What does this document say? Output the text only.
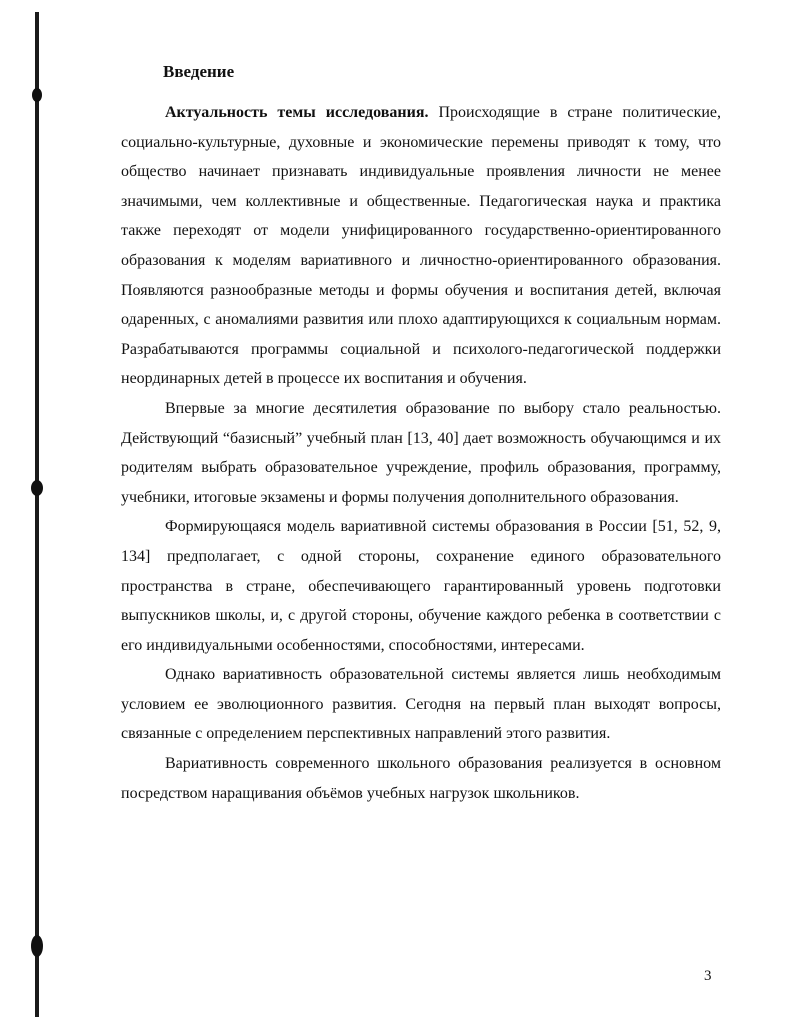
Введение

Актуальность темы исследования. Происходящие в стране политические, социально-культурные, духовные и экономические перемены приводят к тому, что общество начинает признавать индивидуальные проявления личности не менее значимыми, чем коллективные и общественные. Педагогическая наука и практика также переходят от модели унифицированного государственно-ориентированного образования к моделям вариативного и личностно-ориентированного образования. Появляются разнообразные методы и формы обучения и воспитания детей, включая одаренных, с аномалиями развития или плохо адаптирующихся к социальным нормам. Разрабатываются программы социальной и психолого-педагогической поддержки неординарных детей в процессе их воспитания и обучения.

Впервые за многие десятилетия образование по выбору стало реальностью. Действующий “базисный” учебный план [13, 40] дает возможность обучающимся и их родителям выбрать образовательное учреждение, профиль образования, программу, учебники, итоговые экзамены и формы получения дополнительного образования.

Формирующаяся модель вариативной системы образования в России [51, 52, 9, 134] предполагает, с одной стороны, сохранение единого образовательного пространства в стране, обеспечивающего гарантированный уровень подготовки выпускников школы, и, с другой стороны, обучение каждого ребенка в соответствии с его индивидуальными особенностями, способностями, интересами.

Однако вариативность образовательной системы является лишь необходимым условием ее эволюционного развития. Сегодня на первый план выходят вопросы, связанные с определением перспективных направлений этого развития.

Вариативность современного школьного образования реализуется в основном посредством наращивания объёмов учебных нагрузок школьников.

3
